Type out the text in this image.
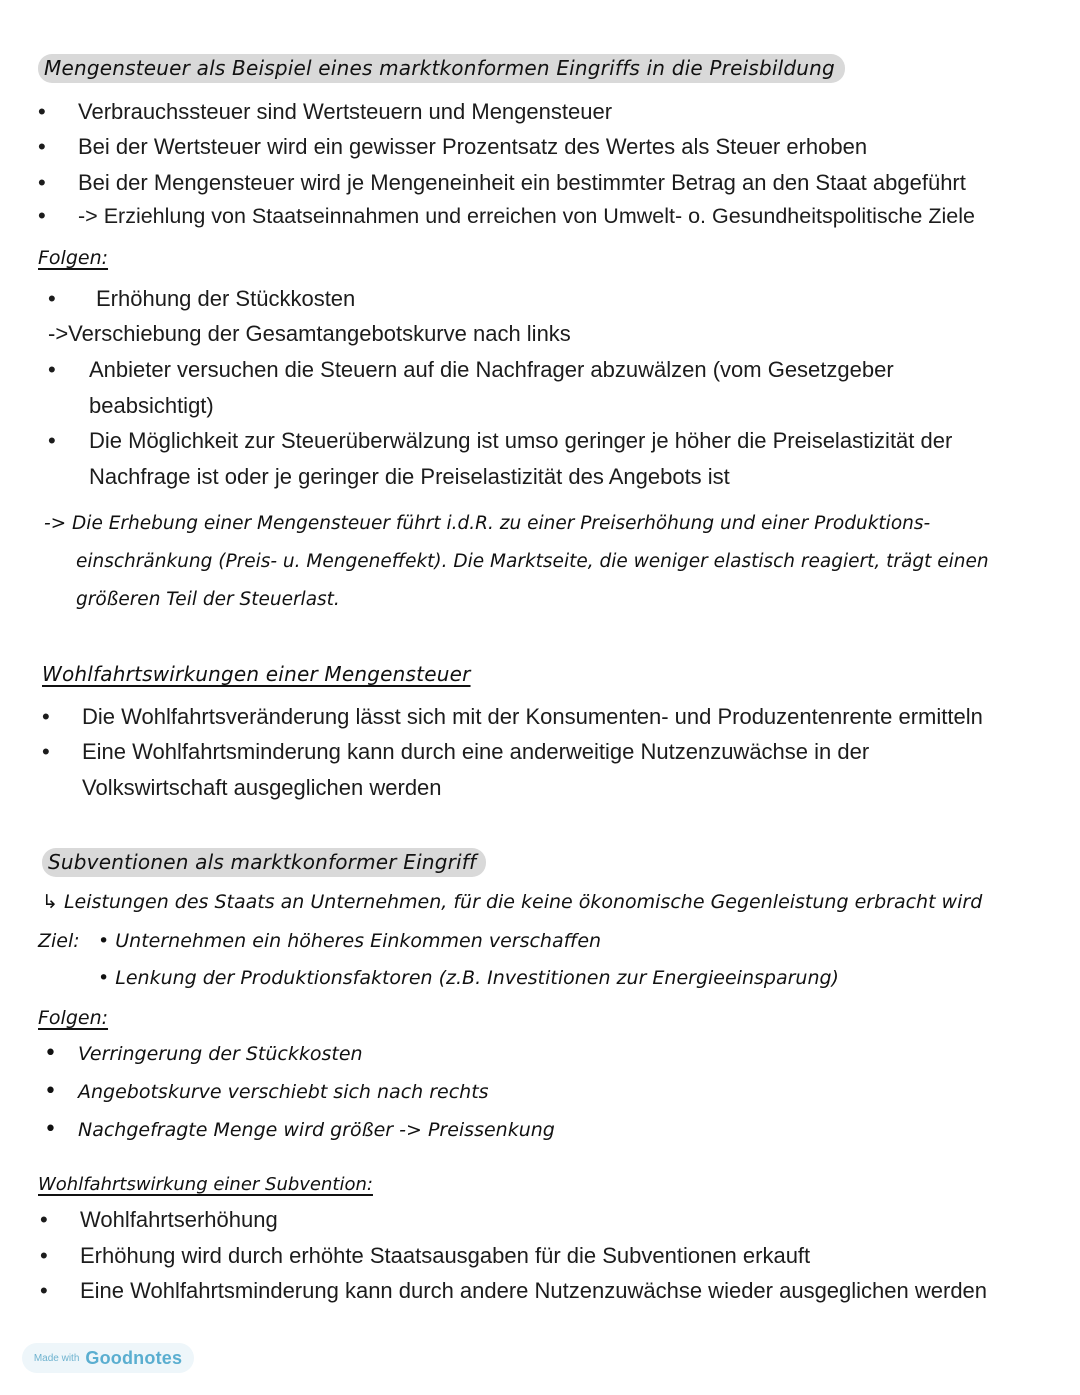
Mengensteuer als Beispiel eines marktkonformen Eingriffs in die Preisbildung
• Verbrauchssteuer sind Wertsteuern und Mengensteuer
• Bei der Wertsteuer wird ein gewisser Prozentsatz des Wertes als Steuer erhoben
• Bei der Mengensteuer wird je Mengeneinheit ein bestimmter Betrag an den Staat abgeführt
• -> Erziehlung von Staatseinnahmen und erreichen von Umwelt- o. Gesundheitspolitische Ziele
Folgen:
• Erhöhung der Stückkosten
->Verschiebung der Gesamtangebotskurve nach links
• Anbieter versuchen die Steuern auf die Nachfrager abzuwälzen (vom Gesetzgeber
beabsichtigt)
• Die Möglichkeit zur Steuerüberwälzung ist umso geringer je höher die Preiselastizität der
Nachfrage ist oder je geringer die Preiselastizität des Angebots ist
-> Die Erhebung einer Mengensteuer führt i.d.R. zu einer Preiserhöhung und einer Produktions-
einschränkung (Preis- u. Mengeneffekt). Die Marktseite, die weniger elastisch reagiert, trägt einen
größeren Teil der Steuerlast.
Wohlfahrtswirkungen einer Mengensteuer
• Die Wohlfahrtsveränderung lässt sich mit der Konsumenten- und Produzentenrente ermitteln
• Eine Wohlfahrtsminderung kann durch eine anderweitige Nutzenzuwächse in der
Volkswirtschaft ausgeglichen werden
Subventionen als marktkonformer Eingriff
↳ Leistungen des Staats an Unternehmen, für die keine ökonomische Gegenleistung erbracht wird
Ziel: • Unternehmen ein höheres Einkommen verschaffen
• Lenkung der Produktionsfaktoren (z.B. Investitionen zur Energieeinsparung)
Folgen:
• Verringerung der Stückkosten
• Angebotskurve verschiebt sich nach rechts
• Nachgefragte Menge wird größer -> Preissenkung
Wohlfahrtswirkung einer Subvention:
• Wohlfahrtserhöhung
• Erhöhung wird durch erhöhte Staatsausgaben für die Subventionen erkauft
• Eine Wohlfahrtsminderung kann durch andere Nutzenzuwächse wieder ausgeglichen werden
Made with Goodnotes
